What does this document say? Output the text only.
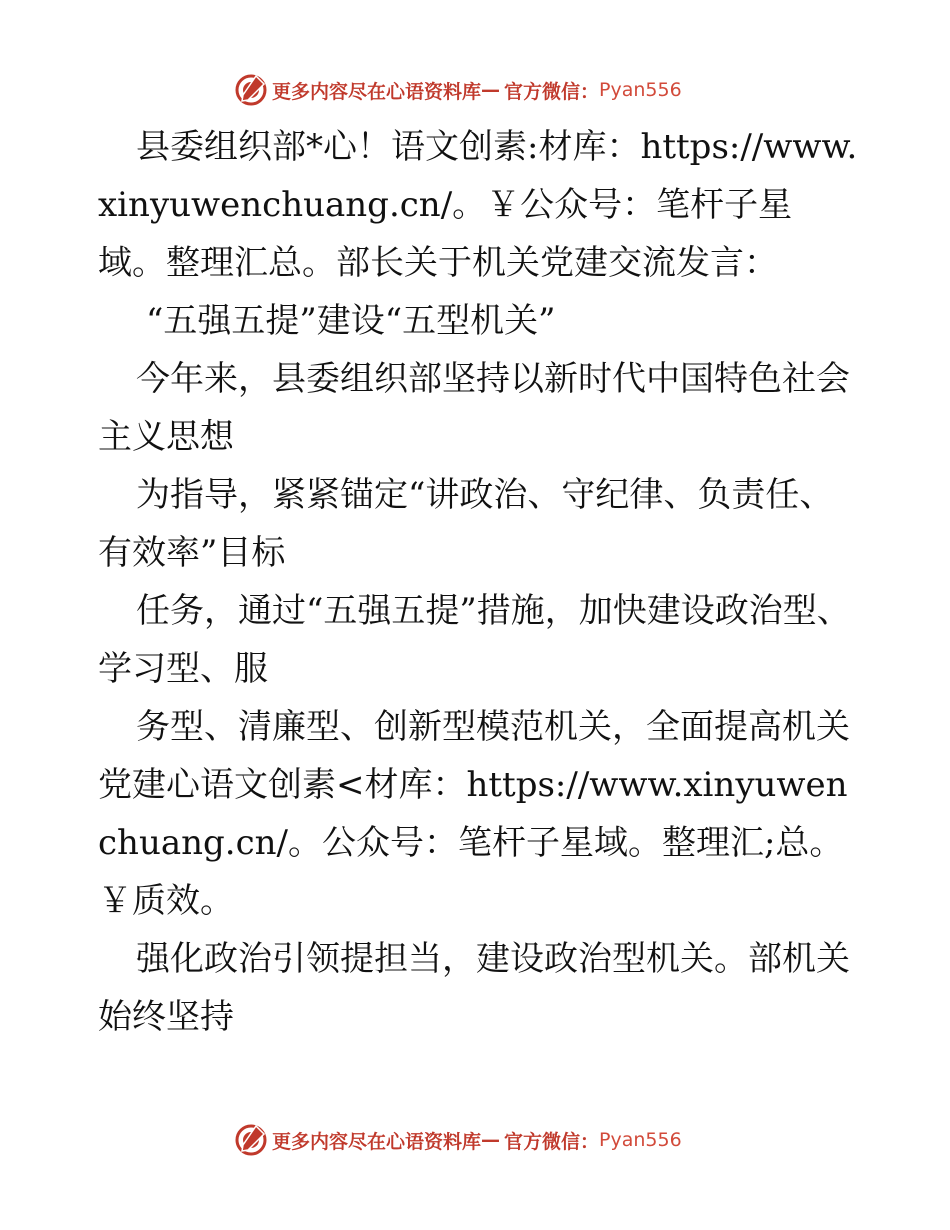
更多内容尽在心语资料库 — 官方微信： Pyan556

县委组织部*心！语文创素:材库：https://www.xinyuwenchuang.cn/。￥公众号：笔杆子星域。整理汇总。部长关于机关党建交流发言：

“五强五提”建设“五型机关”

今年来，县委组织部坚持以新时代中国特色社会主义思想

为指导，紧紧锚定“讲政治、守纪律、负责任、有效率”目标

任务，通过“五强五提”措施，加快建设政治型、学习型、服

务型、清廉型、创新型模范机关，全面提高机关党建心语文创素<材库：https://www.xinyuwenchuang.cn/。公众号：笔杆子星域。整理汇;总。￥质效。

强化政治引领提担当，建设政治型机关。部机关始终坚持

更多内容尽在心语资料库 — 官方微信： Pyan556
